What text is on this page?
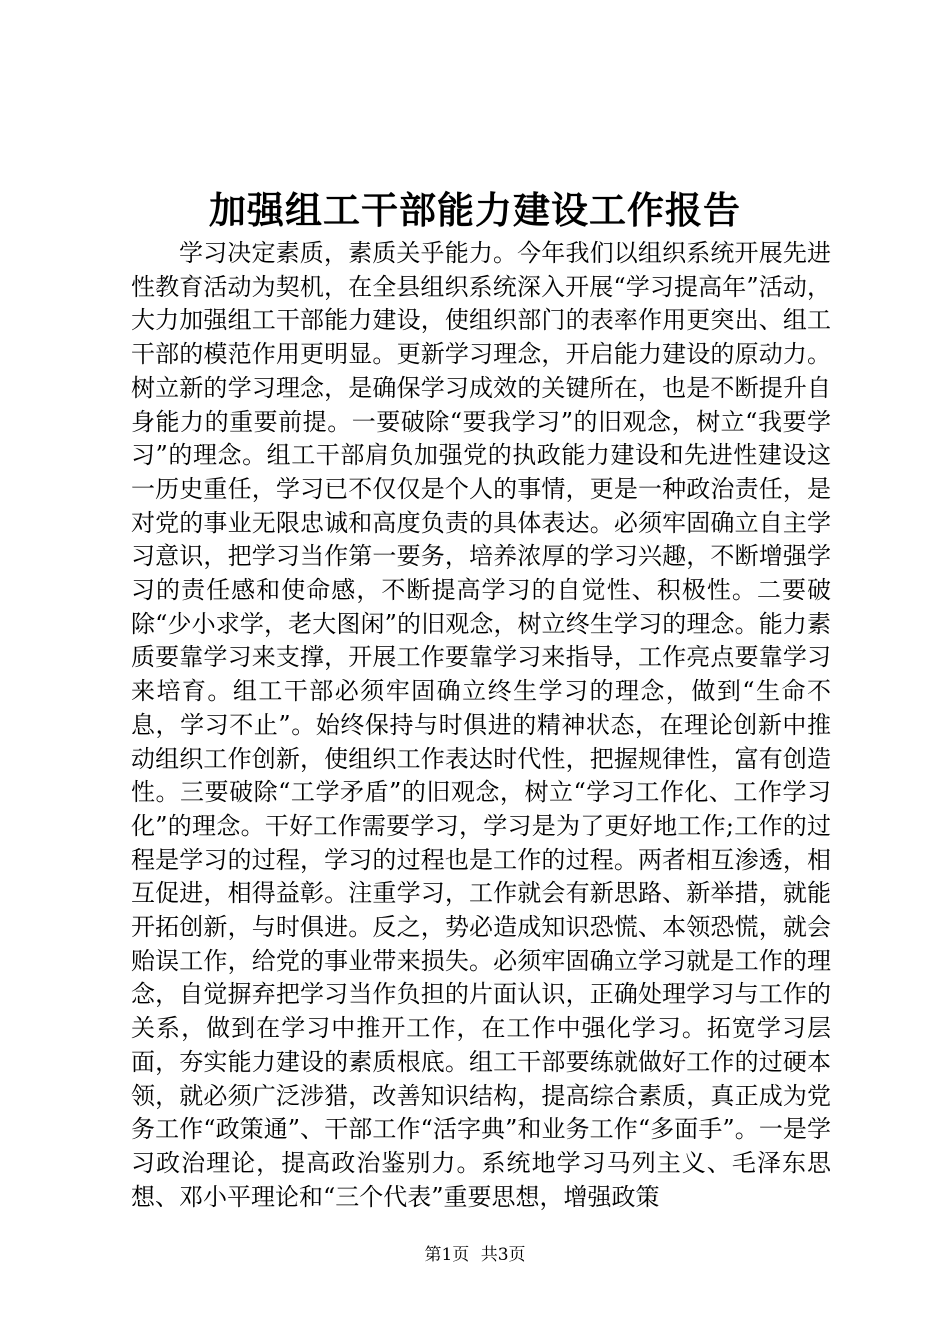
加强组工干部能力建设工作报告

学习决定素质，素质关乎能力。今年我们以组织系统开展先进性教育活动为契机，在全县组织系统深入开展“学习提高年”活动，大力加强组工干部能力建设，使组织部门的表率作用更突出、组工干部的模范作用更明显。更新学习理念，开启能力建设的原动力。树立新的学习理念，是确保学习成效的关键所在，也是不断提升自身能力的重要前提。一要破除“要我学习”的旧观念，树立“我要学习”的理念。组工干部肩负加强党的执政能力建设和先进性建设这一历史重任，学习已不仅仅是个人的事情，更是一种政治责任，是对党的事业无限忠诚和高度负责的具体表达。必须牢固确立自主学习意识，把学习当作第一要务，培养浓厚的学习兴趣，不断增强学习的责任感和使命感，不断提高学习的自觉性、积极性。二要破除“少小求学，老大图闲”的旧观念，树立终生学习的理念。能力素质要靠学习来支撑，开展工作要靠学习来指导，工作亮点要靠学习来培育。组工干部必须牢固确立终生学习的理念，做到“生命不息，学习不止”。始终保持与时俱进的精神状态，在理论创新中推动组织工作创新，使组织工作表达时代性，把握规律性，富有创造性。三要破除“工学矛盾”的旧观念，树立“学习工作化、工作学习化”的理念。干好工作需要学习，学习是为了更好地工作;工作的过程是学习的过程，学习的过程也是工作的过程。两者相互渗透，相互促进，相得益彰。注重学习，工作就会有新思路、新举措，就能开拓创新，与时俱进。反之，势必造成知识恐慌、本领恐慌，就会贻误工作，给党的事业带来损失。必须牢固确立学习就是工作的理念，自觉摒弃把学习当作负担的片面认识，正确处理学习与工作的关系，做到在学习中推开工作，在工作中强化学习。拓宽学习层面，夯实能力建设的素质根底。组工干部要练就做好工作的过硬本领，就必须广泛涉猎，改善知识结构，提高综合素质，真正成为党务工作“政策通”、干部工作“活字典”和业务工作“多面手”。一是学习政治理论，提高政治鉴别力。系统地学习马列主义、毛泽东思想、邓小平理论和“三个代表”重要思想，增强政策

第1页 共3页
